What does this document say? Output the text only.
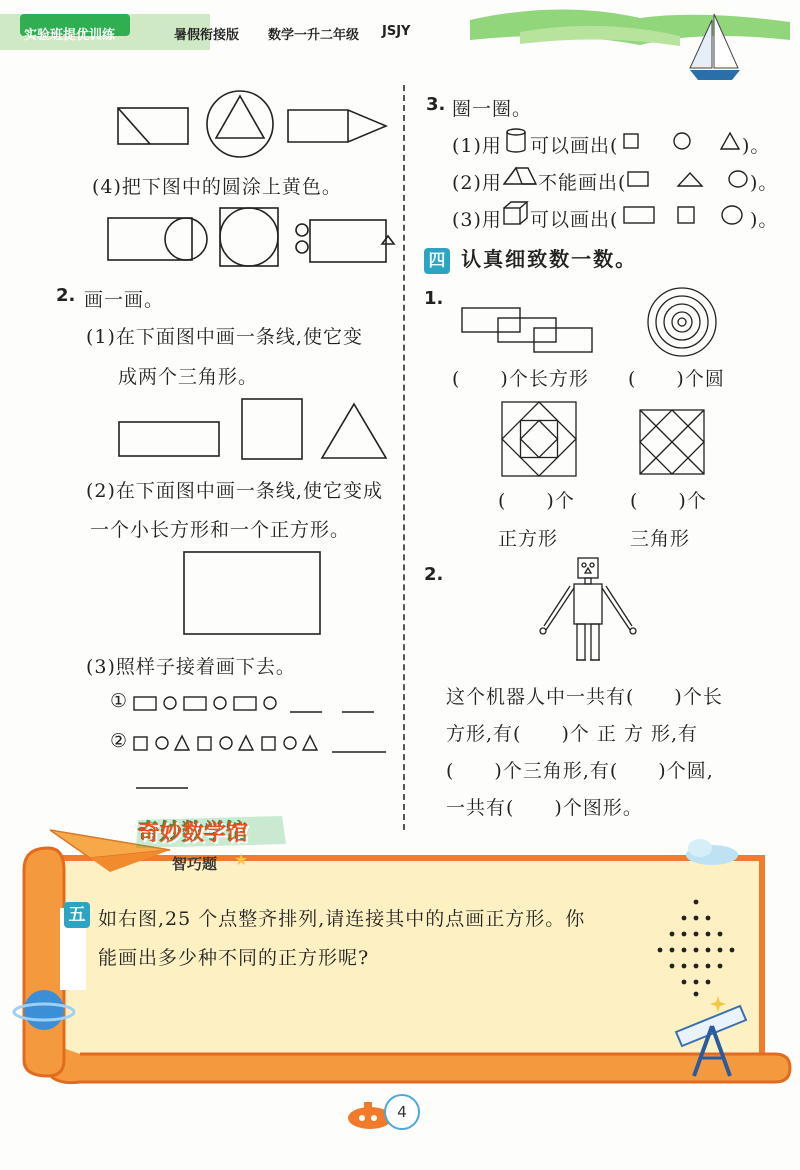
实验班提优训练	暑假衔接版 数学一升二年级 JSJY
(4)把下图中的圆涂上黄色。
2. 画一画。
(1)在下面图中画一条线,使它变
成两个三角形。
(2)在下面图中画一条线,使它变成
一个小长方形和一个正方形。
(3)照样子接着画下去。
①
②
3. 圈一圈。
(1)用 可以画出(	)。
(2)用 不能画出(	)。
(3)用 可以画出(	)。
四 认真细致数一数。
1.
(　　)个长方形 (　　)个圆
(　　)个
正方形
(　　)个
三角形
2.
这个机器人中一共有(　　)个长
方形,有(　　)个 正 方 形,有
(　　)个三角形,有(　　)个圆,
一共有(　　)个图形。
奇妙数学馆
智巧题 ★
五 如右图,25 个点整齐排列,请连接其中的点画正方形。你
能画出多少种不同的正方形呢?
4
